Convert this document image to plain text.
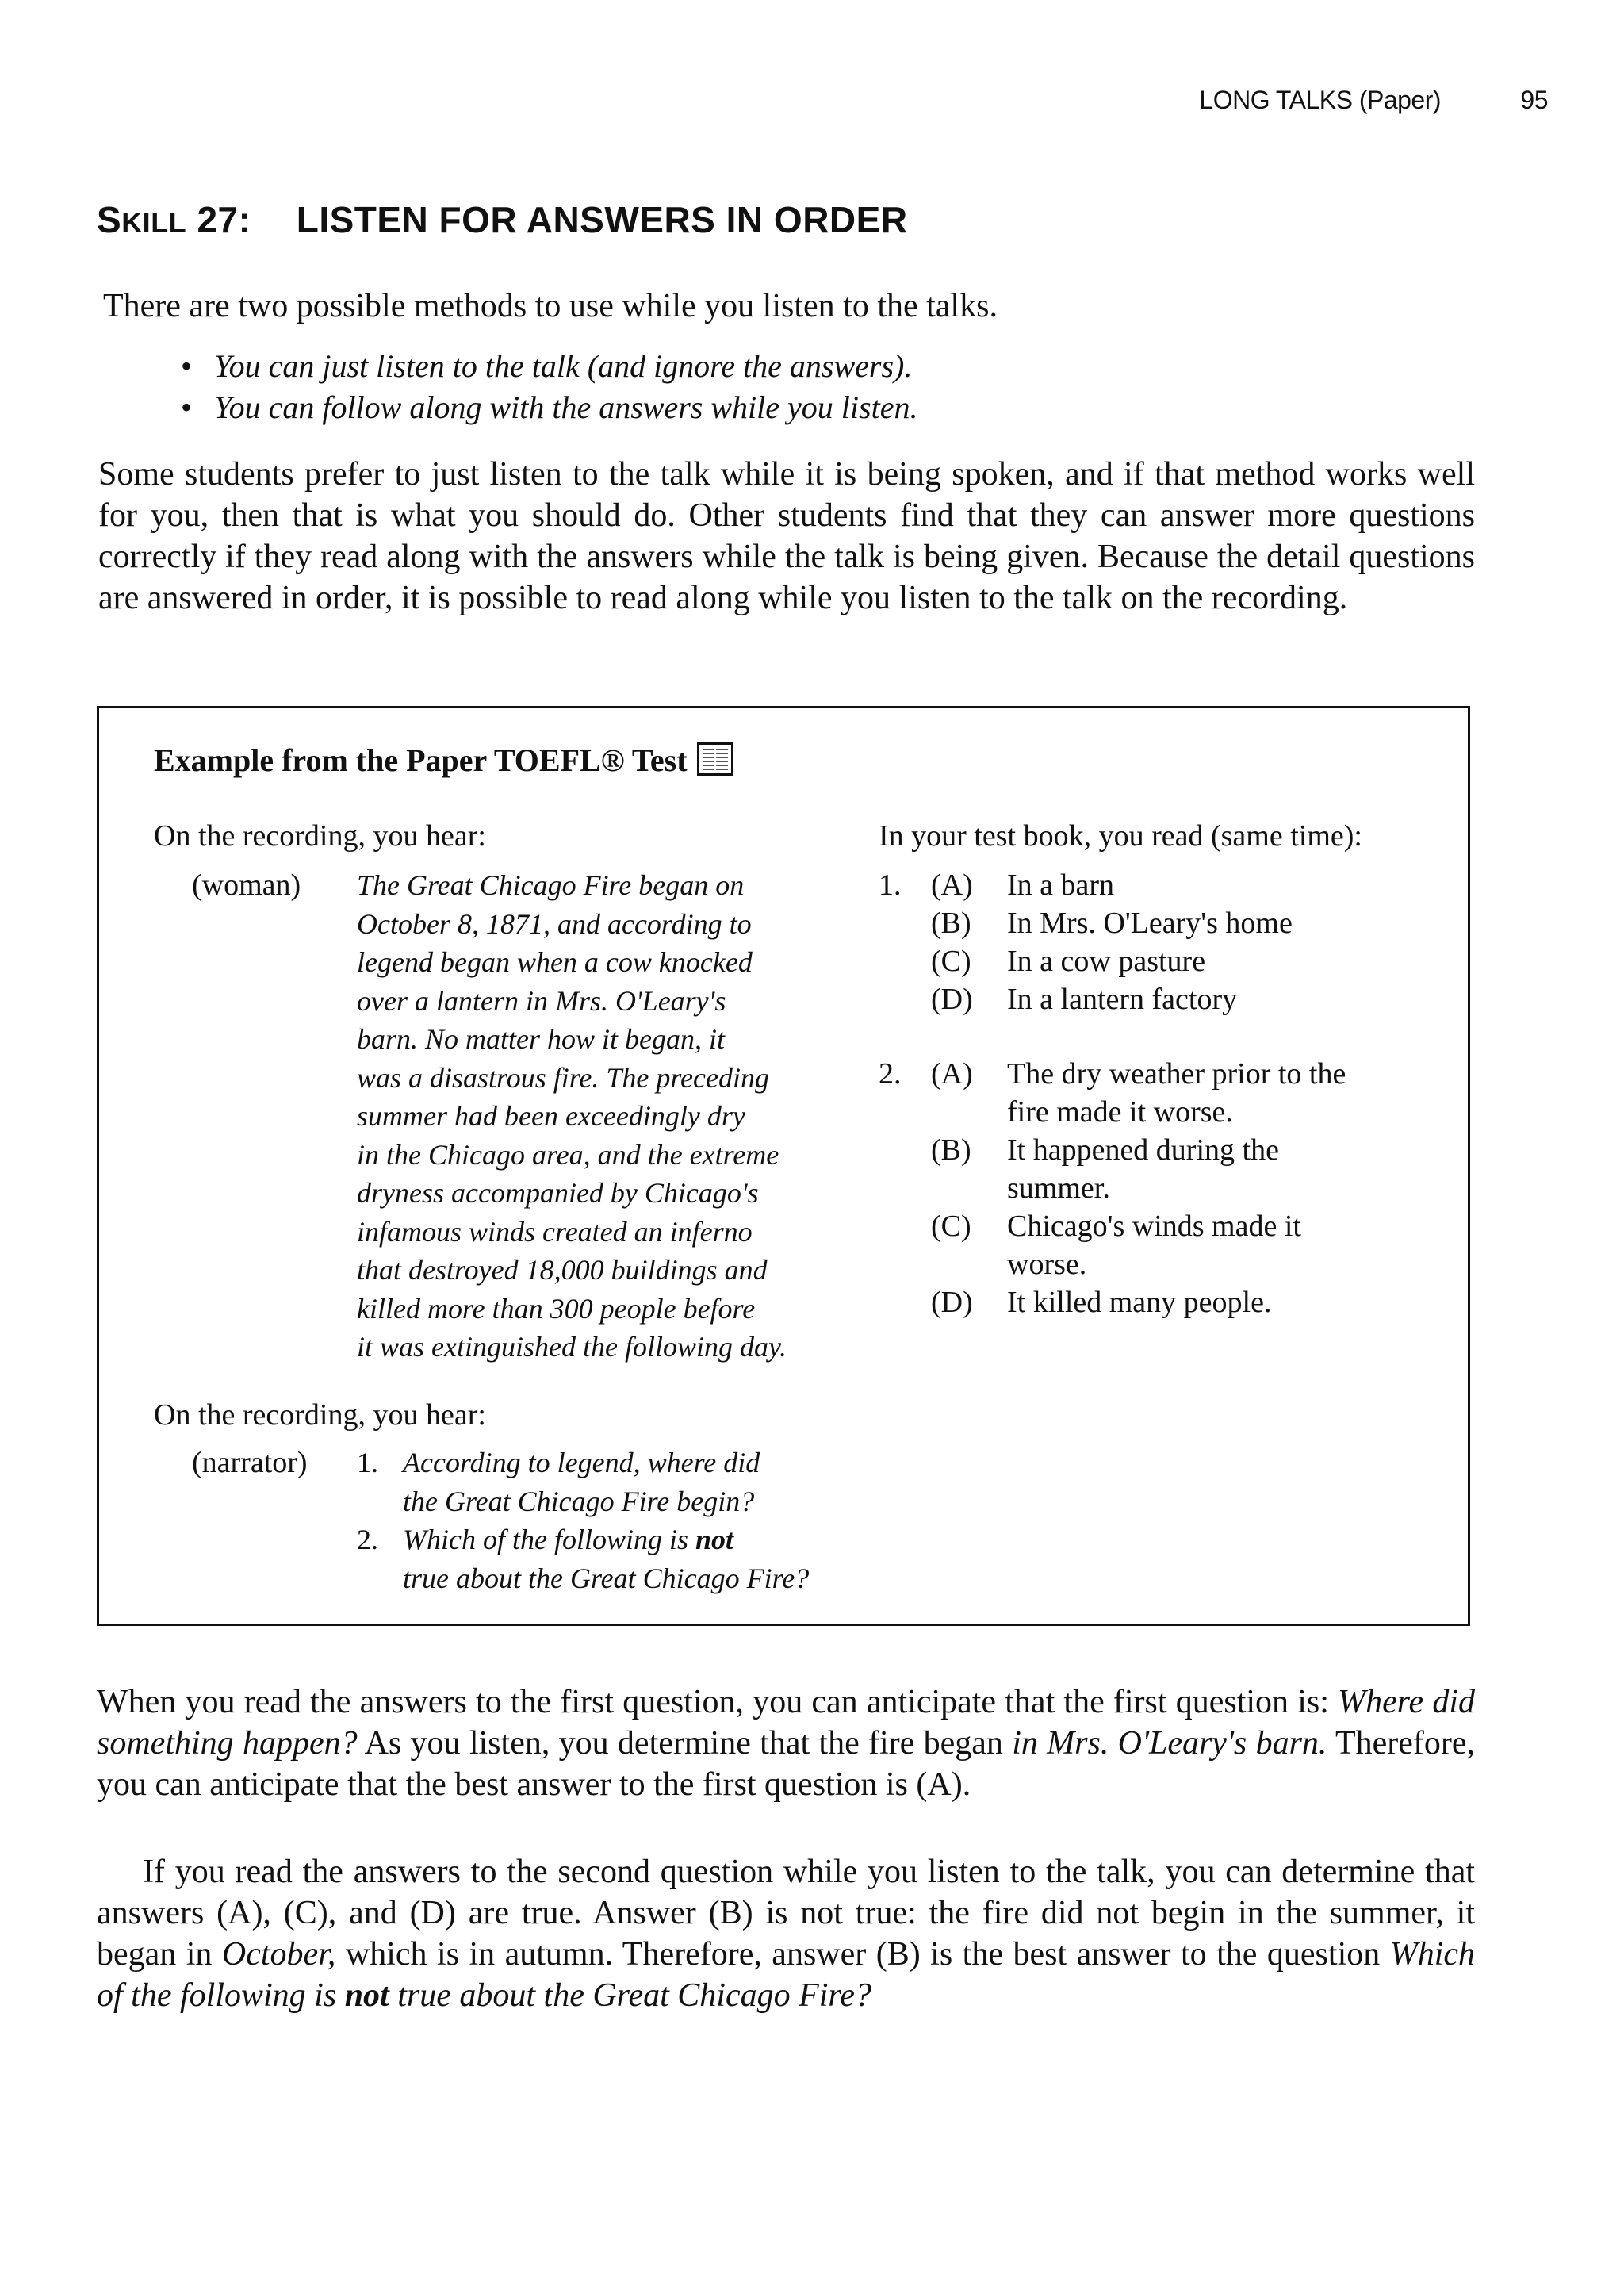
LONG TALKS (Paper)	95
SKILL 27: LISTEN FOR ANSWERS IN ORDER
There are two possible methods to use while you listen to the talks.
• You can just listen to the talk (and ignore the answers).
• You can follow along with the answers while you listen.
Some students prefer to just listen to the talk while it is being spoken, and if that method works well for you, then that is what you should do. Other students find that they can answer more questions correctly if they read along with the answers while the talk is being given. Because the detail questions are answered in order, it is possible to read along while you listen to the talk on the recording.
Example from the Paper TOEFL® Test
On the recording, you hear:
(woman) The Great Chicago Fire began on
October 8, 1871, and according to
legend began when a cow knocked
over a lantern in Mrs. O'Leary's
barn. No matter how it began, it
was a disastrous fire. The preceding
summer had been exceedingly dry
in the Chicago area, and the extreme
dryness accompanied by Chicago's
infamous winds created an inferno
that destroyed 18,000 buildings and
killed more than 300 people before
it was extinguished the following day.
In your test book, you read (same time):
1. (A) In a barn
(B) In Mrs. O'Leary's home
(C) In a cow pasture
(D) In a lantern factory
2. (A) The dry weather prior to the
fire made it worse.
(B) It happened during the
summer.
(C) Chicago's winds made it
worse.
(D) It killed many people.
On the recording, you hear:
(narrator) 1. According to legend, where did
the Great Chicago Fire begin?
2. Which of the following is not
true about the Great Chicago Fire?
When you read the answers to the first question, you can anticipate that the first question is: Where did something happen? As you listen, you determine that the fire began in Mrs. O'Leary's barn. Therefore, you can anticipate that the best answer to the first question is (A).
If you read the answers to the second question while you listen to the talk, you can determine that answers (A), (C), and (D) are true. Answer (B) is not true: the fire did not begin in the summer, it began in October, which is in autumn. Therefore, answer (B) is the best answer to the question Which of the following is not true about the Great Chicago Fire?
